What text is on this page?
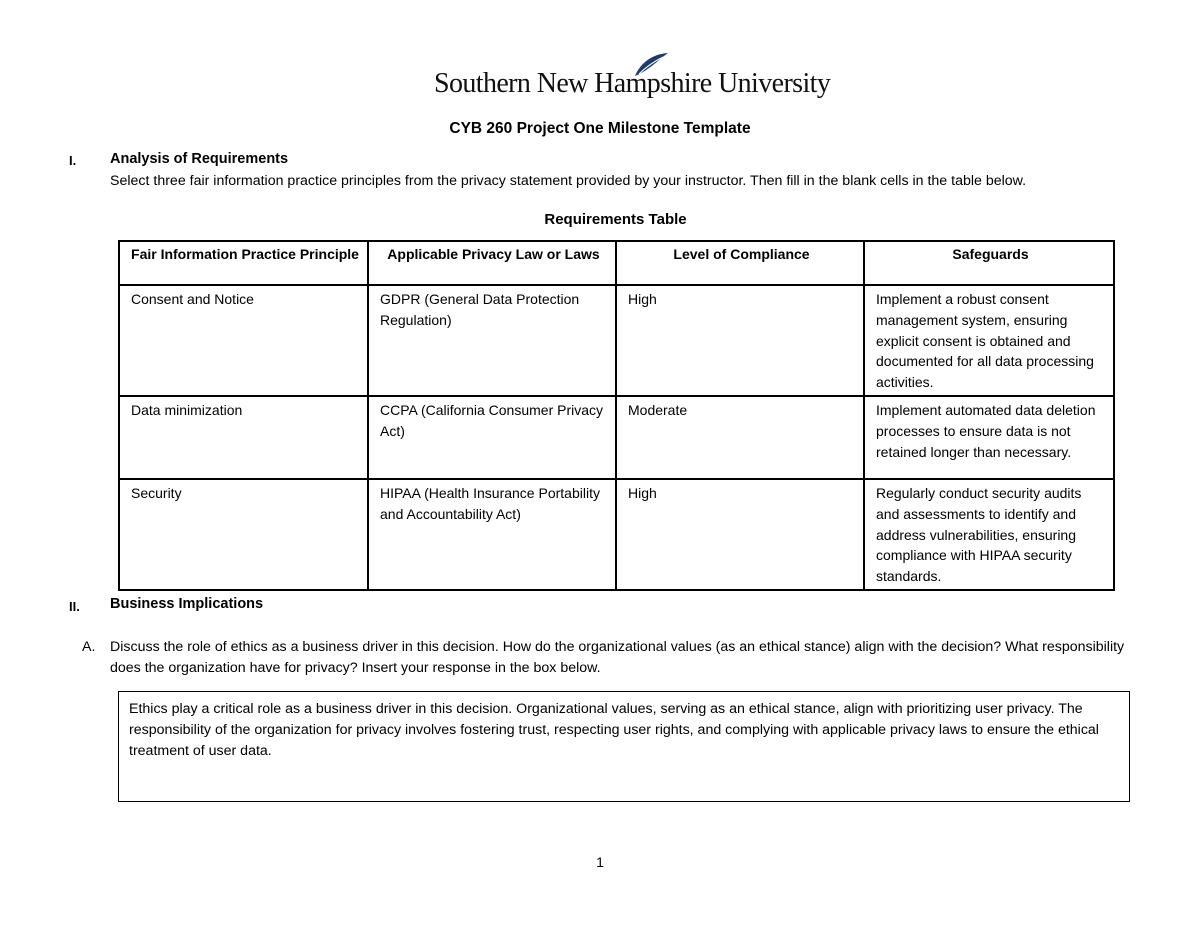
Southern New Hampshire University
CYB 260 Project One Milestone Template
I. Analysis of Requirements
Select three fair information practice principles from the privacy statement provided by your instructor. Then fill in the blank cells in the table below.
Requirements Table
Fair Information Practice Principle	Applicable Privacy Law or Laws	Level of Compliance	Safeguards
Consent and Notice	GDPR (General Data Protection Regulation)	High	Implement a robust consent management system, ensuring explicit consent is obtained and documented for all data processing activities.
Data minimization	CCPA (California Consumer Privacy Act)	Moderate	Implement automated data deletion processes to ensure data is not retained longer than necessary.
Security	HIPAA (Health Insurance Portability and Accountability Act)	High	Regularly conduct security audits and assessments to identify and address vulnerabilities, ensuring compliance with HIPAA security standards.
II. Business Implications
A. Discuss the role of ethics as a business driver in this decision. How do the organizational values (as an ethical stance) align with the decision? What responsibility does the organization have for privacy? Insert your response in the box below.
Ethics play a critical role as a business driver in this decision. Organizational values, serving as an ethical stance, align with prioritizing user privacy. The responsibility of the organization for privacy involves fostering trust, respecting user rights, and complying with applicable privacy laws to ensure the ethical treatment of user data.
1
